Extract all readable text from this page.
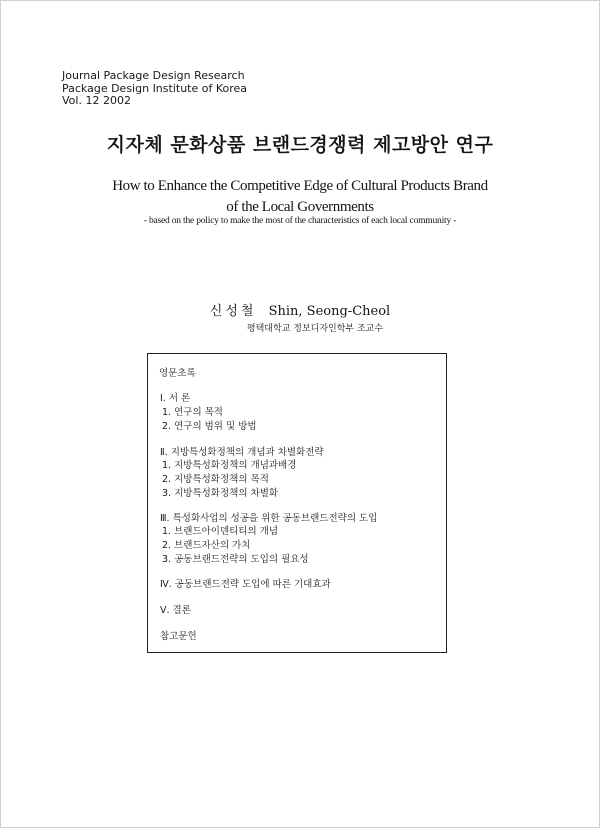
Journal Package Design Research
Package Design Institute of Korea
Vol. 12 2002
지자체 문화상품 브랜드경쟁력 제고방안 연구
How to Enhance the Competitive Edge of Cultural Products Brand
of the Local Governments
- based on the policy to make the most of the characteristics of each local community -
신성철 Shin, Seong-Cheol
평택대학교 정보디자인학부 조교수
영문초록
Ⅰ. 서 론
1. 연구의 목적
2. 연구의 범위 및 방법
Ⅱ. 지방특성화정책의 개념과 차별화전략
1. 지방특성화정책의 개념과배경
2. 지방특성화정책의 목적
3. 지방특성화정책의 차별화
Ⅲ. 특성화사업의 성공을 위한 공동브랜드전략의 도입
1. 브랜드아이덴티티의 개념
2. 브랜드자산의 가치
3. 공동브랜드전략의 도입의 필요성
Ⅳ. 공동브랜드전략 도입에 따른 기대효과
Ⅴ. 결론
참고문헌
